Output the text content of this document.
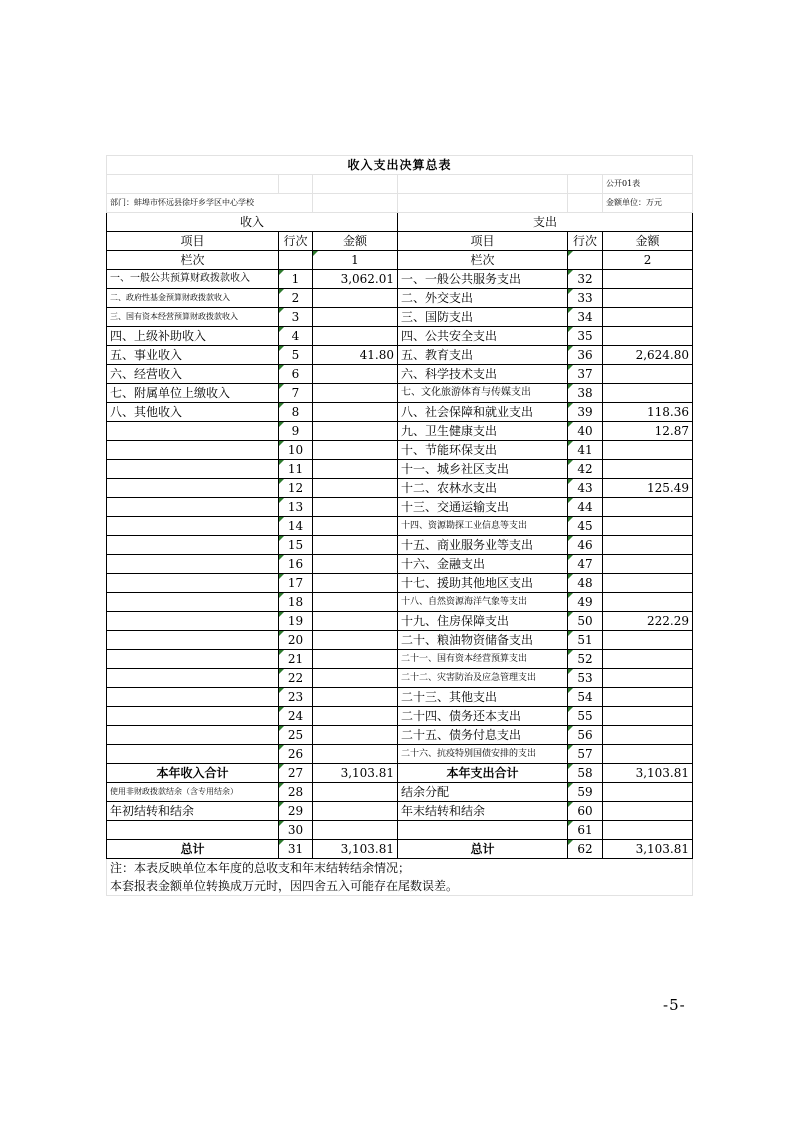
收入支出决算总表					
					公开01表
部门：蚌埠市怀远县徐圩乡学区中心学校					金额单位：万元
收入			支出		
项目	行次	金额	项目	行次	金额
栏次		1	栏次		2
一、一般公共预算财政拨款收入	1	3,062.01	一、一般公共服务支出	32	
二、政府性基金预算财政拨款收入	2		二、外交支出	33	
三、国有资本经营预算财政拨款收入	3		三、国防支出	34	
四、上级补助收入	4		四、公共安全支出	35	
五、事业收入	5	41.80	五、教育支出	36	2,624.80
六、经营收入	6		六、科学技术支出	37	
七、附属单位上缴收入	7		七、文化旅游体育与传媒支出	38	
八、其他收入	8		八、社会保障和就业支出	39	118.36
	9		九、卫生健康支出	40	12.87
	10		十、节能环保支出	41	
	11		十一、城乡社区支出	42	
	12		十二、农林水支出	43	125.49
	13		十三、交通运输支出	44	
	14		十四、资源勘探工业信息等支出	45	
	15		十五、商业服务业等支出	46	
	16		十六、金融支出	47	
	17		十七、援助其他地区支出	48	
	18		十八、自然资源海洋气象等支出	49	
	19		十九、住房保障支出	50	222.29
	20		二十、粮油物资储备支出	51	
	21		二十一、国有资本经营预算支出	52	
	22		二十二、灾害防治及应急管理支出	53	
	23		二十三、其他支出	54	
	24		二十四、债务还本支出	55	
	25		二十五、债务付息支出	56	
	26		二十六、抗疫特别国债安排的支出	57	
本年收入合计	27	3,103.81	本年支出合计	58	3,103.81
使用非财政拨款结余（含专用结余）	28		结余分配	59	
年初结转和结余	29		年末结转和结余	60	
	30			61	
总计	31	3,103.81	总计	62	3,103.81
注：本表反映单位本年度的总收支和年末结转结余情况；					
本套报表金额单位转换成万元时，因四舍五入可能存在尾数误差。					
-5-
